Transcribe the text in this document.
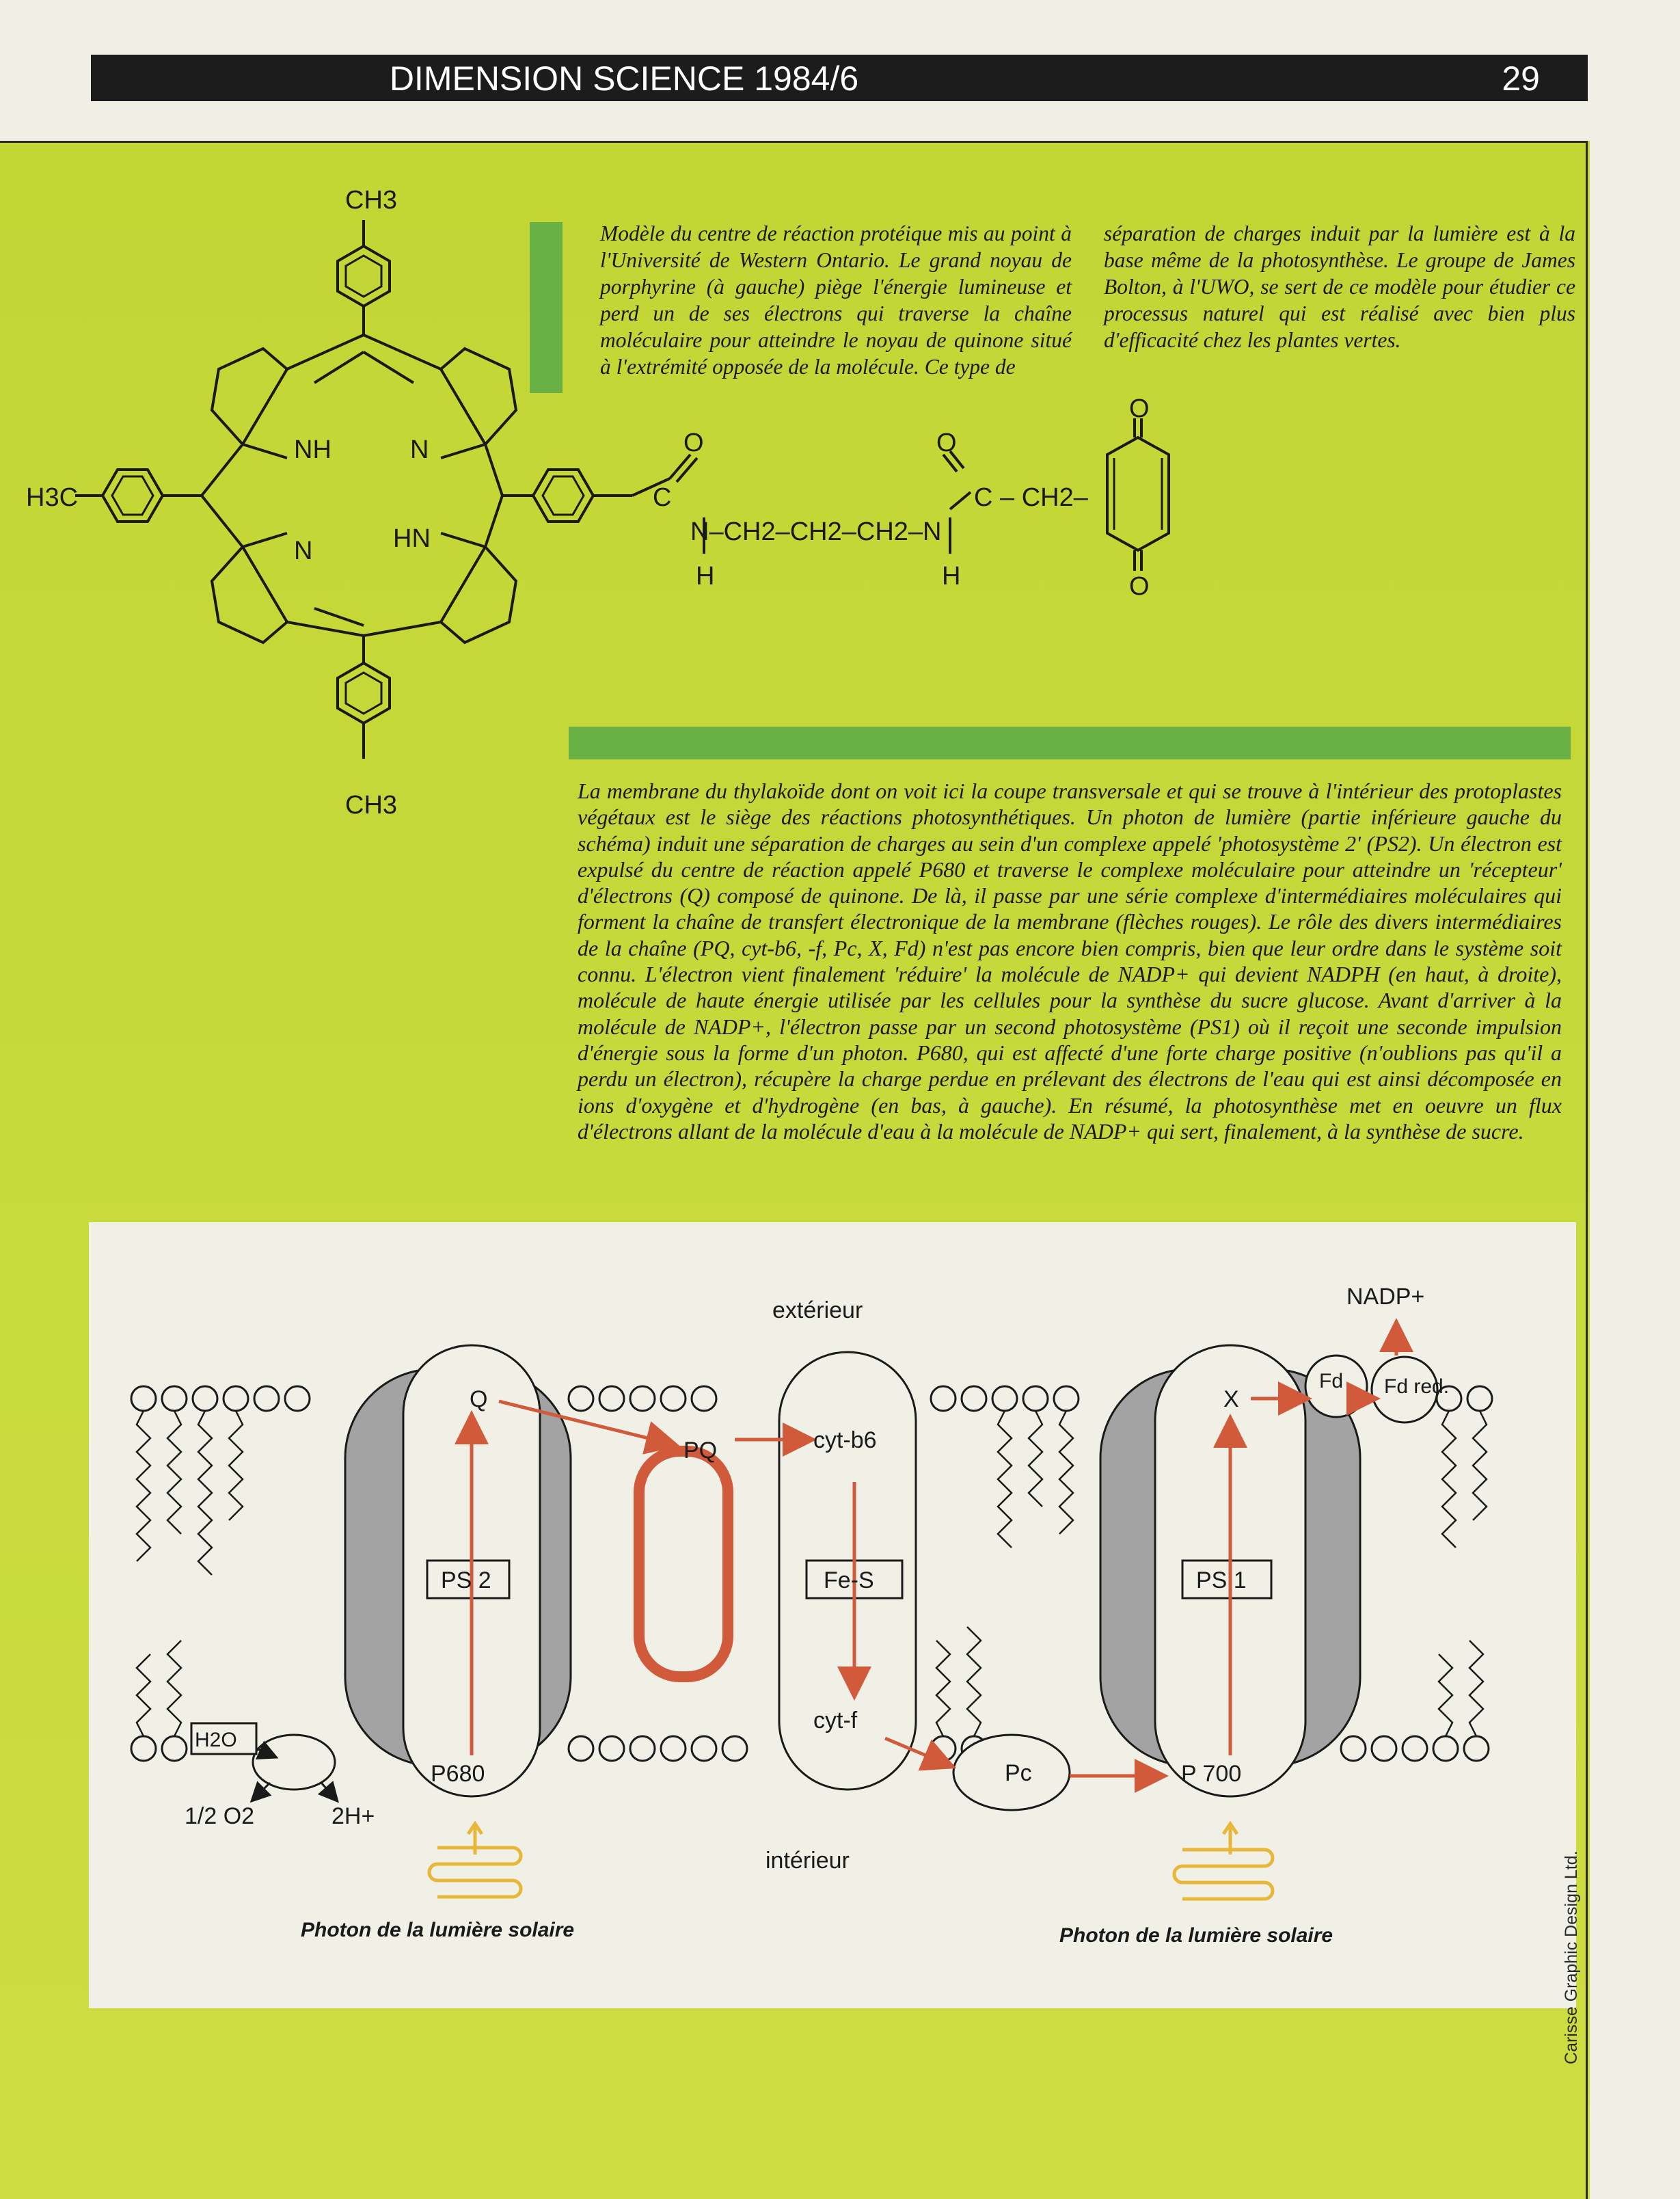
DIMENSION SCIENCE 1984/6	29
CH3
CH3
H3C
NH	N
N	HN
O	O
O
O
C
N–CH2–CH2–CH2–N
H	H
C – CH2–
Modèle du centre de réaction protéique mis au point à l'Université de Western Ontario. Le grand noyau de porphyrine (à gauche) piège l'énergie lumineuse et perd un de ses électrons qui traverse la chaîne moléculaire pour atteindre le noyau de quinone situé à l'extrémité opposée de la molécule. Ce type de
séparation de charges induit par la lumière est à la base même de la photosynthèse. Le groupe de James Bolton, à l'UWO, se sert de ce modèle pour étudier ce processus naturel qui est réalisé avec bien plus d'efficacité chez les plantes vertes.
La membrane du thylakoïde dont on voit ici la coupe transversale et qui se trouve à l'intérieur des protoplastes végétaux est le siège des réactions photosynthétiques. Un photon de lumière (partie inférieure gauche du schéma) induit une séparation de charges au sein d'un complexe appelé 'photosystème 2' (PS2). Un électron est expulsé du centre de réaction appelé P680 et traverse le complexe moléculaire pour atteindre un 'récepteur' d'électrons (Q) composé de quinone. De là, il passe par une série complexe d'intermédiaires moléculaires qui forment la chaîne de transfert électronique de la membrane (flèches rouges). Le rôle des divers intermédiaires de la chaîne (PQ, cyt-b6, -f, Pc, X, Fd) n'est pas encore bien compris, bien que leur ordre dans le système soit connu. L'électron vient finalement 'réduire' la molécule de NADP+ qui devient NADPH (en haut, à droite), molécule de haute énergie utilisée par les cellules pour la synthèse du sucre glucose. Avant d'arriver à la molécule de NADP+, l'électron passe par un second photosystème (PS1) où il reçoit une seconde impulsion d'énergie sous la forme d'un photon. P680, qui est affecté d'une forte charge positive (n'oublions pas qu'il a perdu un électron), récupère la charge perdue en prélevant des électrons de l'eau qui est ainsi décomposée en ions d'oxygène et d'hydrogène (en bas, à gauche). En résumé, la photosynthèse met en oeuvre un flux d'électrons allant de la molécule d'eau à la molécule de NADP+ qui sert, finalement, à la synthèse de sucre.
extérieur
intérieur
NADP+
Q
PQ	cyt-b6
Fe-S
cyt-f
Pc
X
Fd Fd red.
PS 2	PS 1
P680	P 700
H2O
1/2 O2	2H+
Photon de la lumière solaire	Photon de la lumière solaire	Carisse Graphic Design Ltd.
